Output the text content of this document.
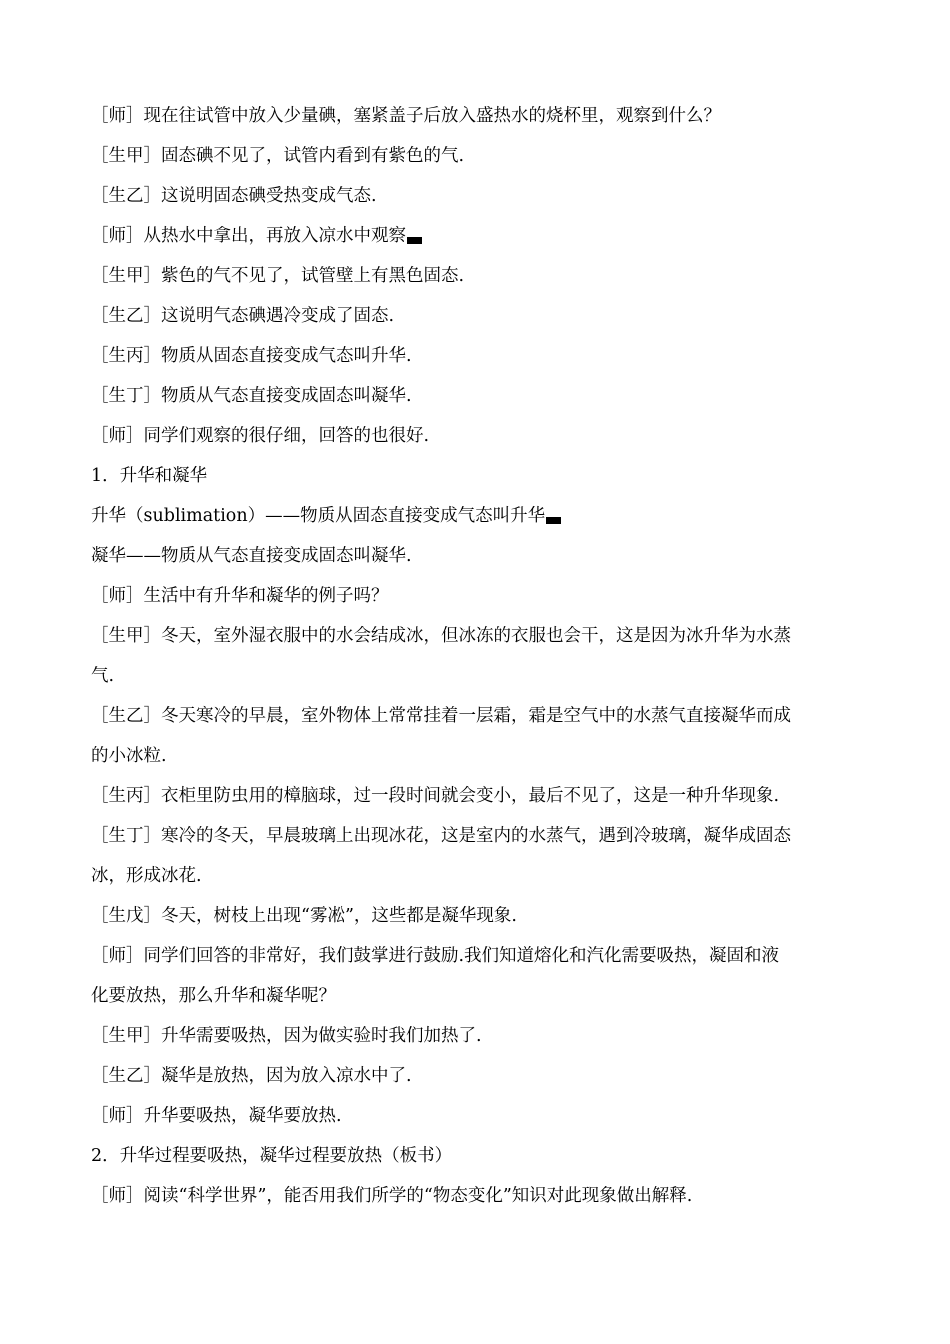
［师］现在往试管中放入少量碘，塞紧盖子后放入盛热水的烧杯里，观察到什么？
［生甲］固态碘不见了，试管内看到有紫色的气.
［生乙］这说明固态碘受热变成气态.
［师］从热水中拿出，再放入凉水中观察
［生甲］紫色的气不见了，试管壁上有黑色固态.
［生乙］这说明气态碘遇冷变成了固态.
［生丙］物质从固态直接变成气态叫升华.
［生丁］物质从气态直接变成固态叫凝华.
［师］同学们观察的很仔细，回答的也很好.
1．升华和凝华
升华（sublimation）——物质从固态直接变成气态叫升华
凝华——物质从气态直接变成固态叫凝华.
［师］生活中有升华和凝华的例子吗？
［生甲］冬天，室外湿衣服中的水会结成冰，但冰冻的衣服也会干，这是因为冰升华为水蒸
气.
［生乙］冬天寒冷的早晨，室外物体上常常挂着一层霜，霜是空气中的水蒸气直接凝华而成
的小冰粒.
［生丙］衣柜里防虫用的樟脑球，过一段时间就会变小，最后不见了，这是一种升华现象.
［生丁］寒冷的冬天，早晨玻璃上出现冰花，这是室内的水蒸气，遇到冷玻璃，凝华成固态
冰，形成冰花.
［生戊］冬天，树枝上出现“雾凇”，这些都是凝华现象.
［师］同学们回答的非常好，我们鼓掌进行鼓励.我们知道熔化和汽化需要吸热，凝固和液
化要放热，那么升华和凝华呢？
［生甲］升华需要吸热，因为做实验时我们加热了.
［生乙］凝华是放热，因为放入凉水中了.
［师］升华要吸热，凝华要放热.
2．升华过程要吸热，凝华过程要放热（板书）
［师］阅读“科学世界”，能否用我们所学的“物态变化”知识对此现象做出解释.
